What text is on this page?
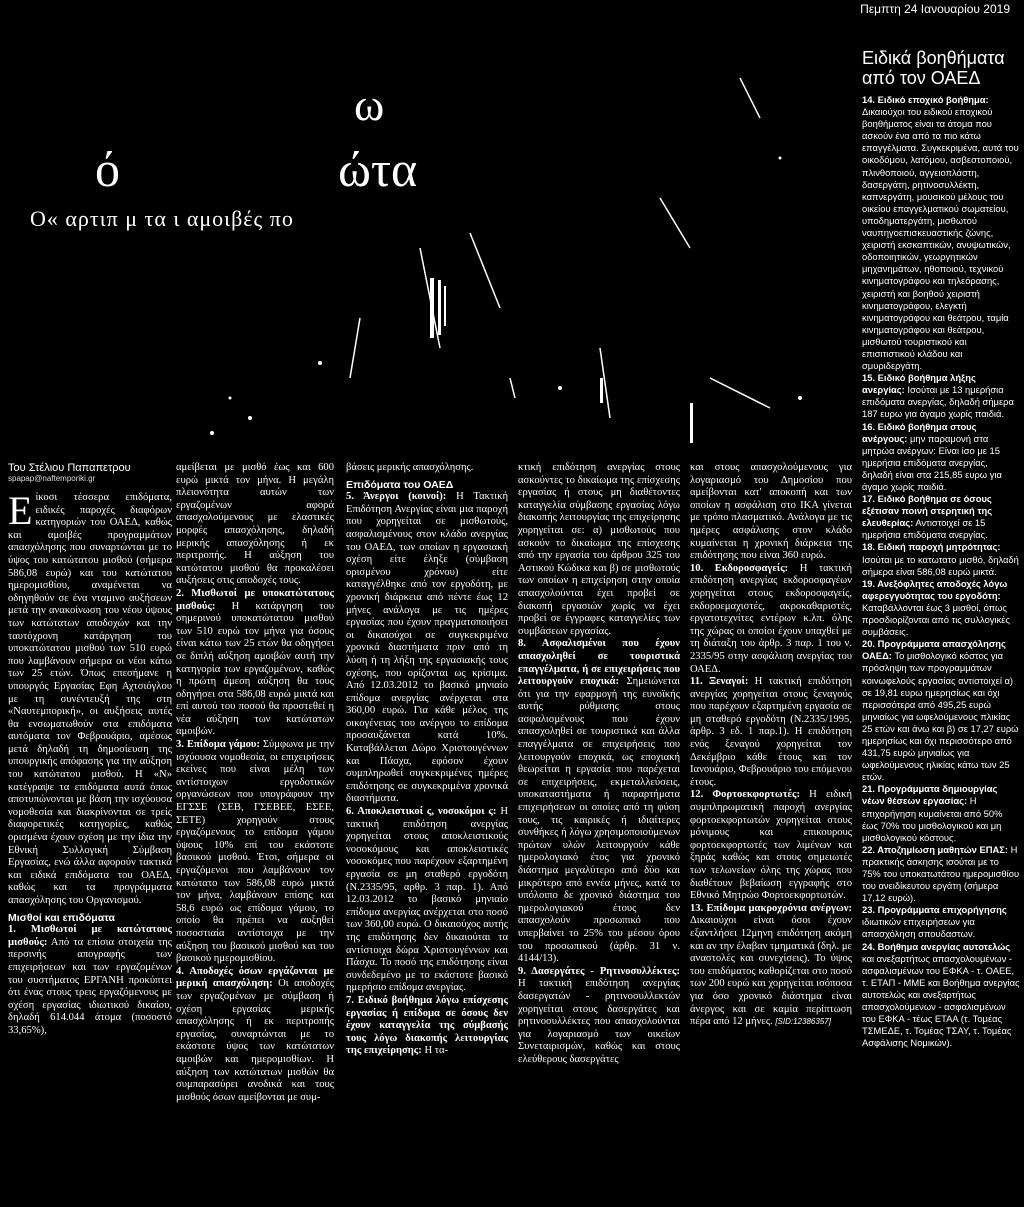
Πεμπτη 24 Ιανουαρίου 2019
ω
ό	ώτα
Ο« αρτιπ μ τα ι αμοιβές πο
Του Στέλιου Παπαπετρου
spapap@naftemporiki.gr

Είκοσι τέσσερα επιδόματα, ειδικές παροχές διαφόρων κατηγοριών του ΟΑΕΔ, καθώς και αμοιβές προγραμμάτων απασχόλησης που συναρτώνται με το ύψος του κατώτατου μισθού (σήμερα 586,08 ευρώ) και του κατώτατου ημερομισθίου, αναμένεται να οδηγηθούν σε ένα νταμινο αυξήσεων μετά την ανακοίνωση του νέου ύψους των κατώτατων αποδοχών και την ταυτόχρονη κατάργηση του υποκατώτατου μισθού των 510 ευρώ που λαμβάνουν σήμερα οι νέοι κάτω των 25 ετών. Όπως επεσήμανε η υπουργός Εργασίας Εφη Αχτσιόγλου με τη συνέντευξή της στη «Ναυτεμπορική», οι αυξήσεις αυτές θα ενσωματωθούν στα επιδόματα αυτόματα τον Φεβρουάριο, αμέσως μετά δηλαδή τη δημοσίευση της υπουργικής απόφασης για την αύξηση του κατώτατου μισθού. Η «Ν» κατέγραψε τα επιδόματα αυτά όπως αποτυπώνονται με βάση την ισχύουσα νομοθεσία και διακρίνονται σε τρείς διαφορετικές κατηγορίες, καθώς ορισμένα έχουν σχέση με την ίδια την Εθνική Συλλογική Σύμβαση Εργασίας, ενώ άλλα αφορούν τακτικά και ειδικά επιδόματα του ΟΑΕΔ, καθώς και τα προγράμματα απασχόλησης του Οργανισμού.

Μισθοί και επιδόματα

1. Μισθωτοί με κατώτατους μισθούς: Από τα επίσια στοιχεία της περσινής απογραφής των επιχειρήσεων και των εργαζομένων του συστήματος ΕΡΓΑΝΗ προκύπτει ότι ένας στους τρεις εργαζόμενους με σχέση εργασίας ιδιωτικού δικαίου, δηλαδή 614.044 άτομα (ποσοστό 33,65%),

αμείβεται με μισθό έως και 600 ευρώ μικτά τον μήνα. Η μεγάλη πλειονότητα αυτών των εργαζομένων αφορά απασχολούμενους με ελαστικές μορφές απασχόλησης, δηλαδή μερικής απασχόλησης ή εκ περιτροπής. Η αύξηση του κατώτατου μισθού θα προκαλέσει αυξήσεις στις αποδοχές τους.

2. Μισθωτοί με υποκατώτατους μισθούς: Η κατάργηση του σημερινού υποκατώτατου μισθού των 510 ευρώ τον μήνα για όσους είναι κάτω των 25 ετών θα οδηγήσει σε διπλή αύξηση αμοιβών αυτή την κατηγορία των εργαζομένων, καθώς η πρώτη άμεση αύξηση θα τους οδηγήσει στα 586,08 ευρώ μικτά και επί αυτού του ποσού θα προστεθεί η νέα αύξηση των κατώτατων αμοιβών.

3. Επίδομα γάμου: Σύμφωνα με την ισχύουσα νομοθεσία, οι επιχειρήσεις εκείνες που είναι μέλη των αντίστοιχων εργοδοτικών οργανώσεων που υπογράφουν την ΕΓΣΣΕ (ΣΕΒ, ΓΣΕΒΕΕ, ΕΣΕΕ, ΣΕΤΕ) χορηγούν στους εργαζόμενους το επίδομα γάμου ύψους 10% επί του εκάστοτε βασικού μισθού. Έτσι, σήμερα οι εργαζόμενοι που λαμβάνουν τον κατώτατο των 586,08 ευρώ μικτά τον μήνα, λαμβάνουν επίσης και 58,6 ευρώ ως επίδομα γάμου, το οποίο θα πρέπει να αυξηθεί ποσοστιαία αντίστοιχα με την αύξηση του βασικού μισθού και του βασικού ημερομισθίου.

4. Αποδοχές όσων εργάζονται με μερική απασχόληση: Οι αποδοχές των εργαζομένων με σύμβαση ή σχέση εργασίας μερικής απασχόλησης ή εκ περιτροπής εργασίας, συναρτώνται με το εκάστοτε ύψος των κατώτατων αμοιβών και ημερομισθίων. Η αύξηση των κατώτατων μισθών θα συμπαρασύρει ανοδικά και τους μισθούς όσων αμείβονται με συμ-

βάσεις μερικής απασχόλησης.

Επιδόματα του ΟΑΕΔ

5. Άνεργοι (κοινοί): Η Τακτική Επιδότηση Ανεργίας είναι μια παροχή που χορηγείται σε μισθωτούς, ασφαλισμένους στον κλάδο ανεργίας του ΟΑΕΔ, των οποίων η εργασιακή σχέση είτε έληξε (σύμβαση ορισμένου χρόνου) είτε καταγγέλθηκε από τον εργοδότη, με χρονική διάρκεια από πέντε έως 12 μήνες ανάλογα με τις ημέρες εργασίας που έχουν πραγματοποιήσει οι δικαιούχοι σε συγκεκριμένα χρονικά διαστήματα πριν από τη λύση ή τη λήξη της εργασιακής τους σχέσης, που ορίζονται ως κρίσιμα. Από 12.03.2012 το βασικό μηνιαίο επίδομα ανεργίας ανέρχεται στα 360,00 ευρώ. Για κάθε μέλος της οικογένειας του ανέργου το επίδομα προσαυξάνεται κατά 10%. Καταβάλλεται Δώρο Χριστουγέννων και Πάσχα, εφόσον έχουν συμπληρωθεί συγκεκριμένες ημέρες επιδότησης σε συγκεκριμένα χρονικά διαστήματα.

6. Αποκλειστικοί ς, νοσοκόμοι ς: Η τακτική επιδότηση ανεργίας χορηγείται στους αποκλειστικούς νοσοκόμους και αποκλειστικές νοσοκόμες που παρέχουν εξαρτημένη εργασία σε μη σταθερό εργοδότη (Ν.2335/95, αρθρ. 3 παρ. 1). Από 12.03.2012 το βασικό μηνιαίο επίδομα ανεργίας ανέρχεται στο ποσό των 360,00 ευρώ. Ο δικαιούχος αυτής της επιδότησης δεν δικαιούται τα αντίστοιχα δώρα Χριστουγέννων και Πάσχα. Το ποσό της επιδότησης είναι συνδεδεμένο με το εκάστοτε βασικό ημερήσιο επίδομα ανεργίας.

7. Ειδικό βοήθημα λόγω επίσχεσης εργασίας ή επίδομα σε όσους δεν έχουν καταγγελία της σύμβασής τους λόγω διακοπής λειτουργίας της επιχείρησης: Η τα-

κτική επιδότηση ανεργίας στους ασκούντες το δικαίωμα της επίσχεσης εργασίας ή στους μη διαθέτοντες καταγγελία σύμβασης εργασίας λόγω διακοπής λειτουργίας της επιχείρησης χορηγείται σε: α) μισθωτούς που ασκούν το δικαίωμα της επίσχεσης από την εργασία του άρθρου 325 του Αστικού Κώδικα και β) σε μισθωτούς των οποίων η επιχείρηση στην οποία απασχολούνται έχει προβεί σε διακοπή εργασιών χωρίς να έχει προβεί σε έγγραφες καταγγελίες των συμβάσεων εργασίας.

8. Ασφαλισμένοι που έχουν απασχοληθεί σε τουριστικά επαγγέλματα, ή σε επιχειρήσεις που λειτουργούν εποχικά: Σημειώνεται ότι για την εφαρμογή της ευνοϊκής αυτής ρύθμισης στους ασφαλισμένους που έχουν απασχοληθεί σε τουριστικά και άλλα επαγγέλματα σε επιχειρήσεις που λειτουργούν εποχικά, ως εποχιακή θεωρείται η εργασία που παρέχεται σε επιχειρήσεις, εκμεταλλεύσεις, υποκαταστήματα ή παραρτήματα επιχειρήσεων οι οποίες από τη φύση τους, τις καιρικές ή ιδιαίτερες συνθήκες ή λόγω χρησιμοποιούμενων πρώτων υλών λειτουργούν κάθε ημερολογιακό έτος για χρονικό διάστημα μεγαλύτερο από δύο και μικρότερο από εννέα μήνες, κατά το υπόλοιπο δε χρονικό διάστημα του ημερολογιακού έτους δεν απασχολούν προσωπικό που υπερβαίνει το 25% του μέσου όρου του προσωπικού (άρθρ. 31 ν. 4144/13).

9. Δασεργάτες - Ρητινοσυλλέκτες: Η τακτική επιδότηση ανεργίας δασεργατών - ρητινοσυλλεκτών χορηγείται στους δασεργάτες και ρητινοσυλλέκτες που απασχολούνται για λογαριασμό των οικείων Συνεταιρισμών, καθώς και στους ελεύθερους δασεργάτες

και στους απασχολούμενους για λογαριασμό του Δημοσίου που αμείβονται κατ' αποκοπή και των οποίων η ασφάλιση στο ΙΚΑ γίνεται με τρόπο πλασματικό. Ανάλογα με τις ημέρες ασφάλισης στον κλάδο κυμαίνεται η χρονική διάρκεια της επιδότησης που είναι 360 ευρώ.

10. Εκδοροσφαγείς: Η τακτική επιδότηση ανεργίας εκδοροσφαγέων χορηγείται στους εκδοροσφαγείς, εκδοροεμαχιστές, ακροκαθαριστές, εργατοτεχνίτες εντέρων κ.λπ. όλης της χώρας οι οποίοι έχουν υπαχθεί με τη διάταξη του άρθρ. 3 παρ. 1 του ν. 2335/95 στην ασφάλιση ανεργίας του ΟΑΕΔ.

11. Ξεναγοί: Η τακτική επιδότηση ανεργίας χορηγείται στους ξεναγούς που παρέχουν εξαρτημένη εργασία σε μη σταθερό εργοδότη (Ν.2335/1995, άρθρ. 3 εδ. 1 παρ.1). Η επιδότηση ενός ξεναγού χορηγείται τον Δεκέμβριο κάθε έτους και τον Ιανουάριο, Φεβρουάριο του επόμενου έτους.

12. Φορτοεκφορτωτές: Η ειδική συμπληρωματική παροχή ανεργίας φορτοεκφορτωτών χορηγείται στους μόνιμους και επικουρους φορτοεκφορτωτές των λιμένων και ξηράς καθώς και στους σημειωτές των τελωνείων όλης της χώρας που διαθέτουν βεβαίωση εγγραφής στο Εθνικό Μητρώο Φορτοεκφορτωτών.

13. Επίδομα μακροχρόνια ανέργων: Δικαιούχοι είναι όσοι έχουν εξαντλήσει 12μηνη επιδότηση ακόμη και αν την έλαβαν τμηματικά (δηλ. με αναστολές και συνεχίσεις). Το ύψος του επιδόματος καθορίζεται στο ποσό των 200 ευρώ και χορηγείται ισόποσα για όσο χρονικό διάστημα είναι άνεργος και σε καμία περίπτωση πέρα από 12 μήνες. [SID:12386357]

Ειδικά βοηθήματα από τον ΟΑΕΔ

14. Ειδικό εποχικό βοήθημα: Δικαιούχοι του ειδικού εποχικού βοηθήματος είναι τα άτομα που ασκούν ένα από τα πιο κάτω επαγγέλματα. Συγκεκριμένα, αυτά του οικοδόμου, λατόμου, ασβεστοποιού, πλινθοποιού, αγγειοπλάστη, δασεργάτη, ρητινοσυλλέκτη, καπνεργάτη, μουσικού μέλους του οικείου επαγγελματικού σωματείου, υποδηματεργάτη, μισθωτού ναυπηγοεπισκευαστικής ζώνης, χειριστή εκσκαπτικών, ανυψωτικών, οδοποιητικών, γεωργητικών μηχανημάτων, ηθοποιού, τεχνικού κινηματογράφου και τηλεόρασης, χειριστή και βοηθού χειριστή κινηματογράφου, ελεγκτή κινηματογράφου και θεάτρου, ταμία κινηματογράφου και θεάτρου, μισθωτού τουριστικού και επισιτιστικού κλάδου και σμυριδεργάτη.

15. Ειδικό βοήθημα λήξης ανεργίας: Ισούται με 13 ημερήσια επιδόματα ανεργίας, δηλαδή σήμερα 187 ευρω για άγαμο χωρίς παιδιά.

16. Ειδικό βοήθημα στους ανέργους: μην παραμονή στα μητρώα ανέργων: Είναι ίσο με 15 ημερήσια επιδόματα ανεργίας, δηλαδή είναι στα 215,85 ευρω για άγαμο χωρίς παιδιά.

17. Ειδικό βοήθημα σε όσους εξέτισαν ποινή στερητική της ελευθερίας: Αντιστοιχεί σε 15 ημερήσια επιδόματα ανεργίας.

18. Ειδική παροχή μητρότητας: Ισούται με το κατωτατο μισθό, δηλαδή σήμερα είναι 586,08 ευρώ μικτά.

19. Ανεξόφλητες αποδοχές λόγω αφερεγγυότητας του εργοδότη: Καταβάλλονται έως 3 μισθοί, όπως προσδιορίζονται από τις συλλογικές συμβάσεις.

20. Προγράμματα απασχόλησης ΟΑΕΔ: Το μισθολογικό κόστος για πρόσληψη των προγραμμάτων κοινωφελούς εργασίας αντιστοιχεί α) σε 19,81 ευρω ημερησίως και όχι περισσότερα από 495,25 ευρώ μηνιαίως για ωφελούμενους πλικίας 25 ετών και άνω και β) σε 17,27 ευρώ ημερησίως και όχι περισσότερο από 431,75 ευρώ μηνιαίως για ωφελούμενους ηλικίας κάτω των 25 ετών.

21. Προγράμματα δημιουργίας νέων θέσεων εργασίας: Η επιχορήγηση κυμαίνεται από 50% έως 70% του μισθολογικού και μη μισθολογικού κόστους.

22. Αποζημίωση μαθητών ΕΠΑΣ: Η πρακτικής άσκησης ισούται με το 75% του υποκατωτάτου ημερομισθίου του ανειδίκευτου εργάτη (σήμερα 17,12 ευρώ).

23. Προγράμματα επιχορήγησης ιδιωτικών επιχειρήσεων για απασχόληση σπουδαστων.

24. Βοήθημα ανεργίας αυτοτελώς και ανεξαρτήτως απασχολουμένων - ασφαλισμένων του ΕΦΚΑ - τ. ΟΑΕΕ, τ. ΕΤΑΠ - ΜΜΕ και Βοήθημα ανεργίας αυτοτελώς και ανεξαρτήτως απασχολούμενων - ασφαλισμένων του ΕΦΚΑ - τέως ΕΤΑΑ (τ. Τομέας ΤΣΜΕΔΕ, τ. Τομέας ΤΣΑΥ, τ. Τομέας Ασφάλισης Νομικών).
